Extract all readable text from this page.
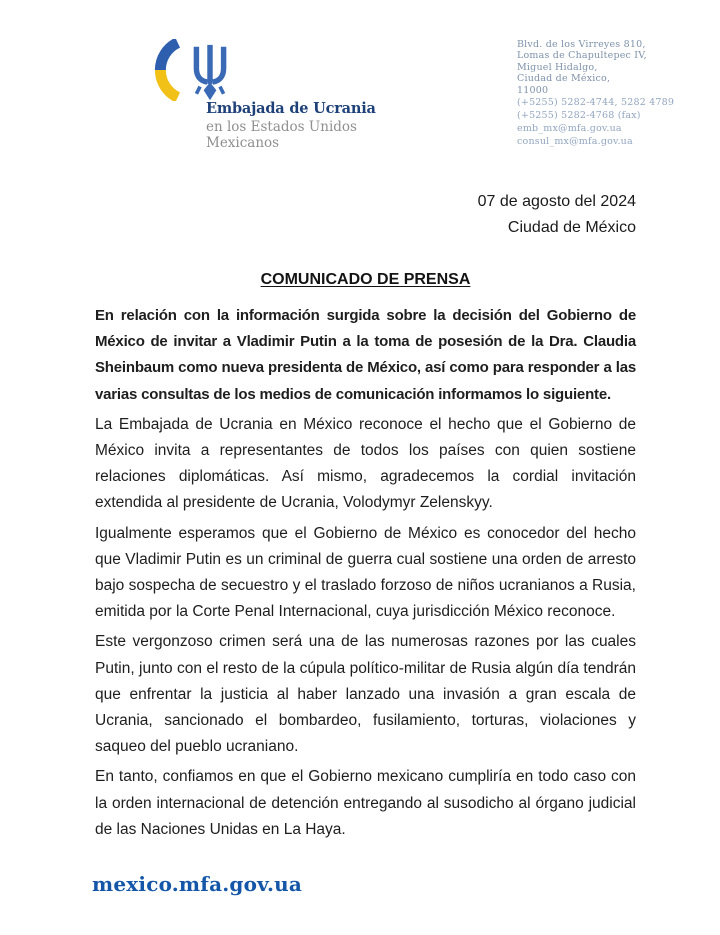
Embajada de Ucrania
en los Estados Unidos Mexicanos
Blvd. de los Virreyes 810,
Lomas de Chapultepec IV,
Miguel Hidalgo,
Ciudad de México,
11000
(+5255) 5282-4744, 5282 4789
(+5255) 5282-4768 (fax)
emb_mx@mfa.gov.ua
consul_mx@mfa.gov.ua
07 de agosto del 2024
Ciudad de México
COMUNICADO DE PRENSA

En relación con la información surgida sobre la decisión del Gobierno de México de invitar a Vladimir Putin a la toma de posesión de la Dra. Claudia Sheinbaum como nueva presidenta de México, así como para responder a las varias consultas de los medios de comunicación informamos lo siguiente.

La Embajada de Ucrania en México reconoce el hecho que el Gobierno de México invita a representantes de todos los países con quien sostiene relaciones diplomáticas. Así mismo, agradecemos la cordial invitación extendida al presidente de Ucrania, Volodymyr Zelenskyy.

Igualmente esperamos que el Gobierno de México es conocedor del hecho que Vladimir Putin es un criminal de guerra cual sostiene una orden de arresto bajo sospecha de secuestro y el traslado forzoso de niños ucranianos a Rusia, emitida por la Corte Penal Internacional, cuya jurisdicción México reconoce.

Este vergonzoso crimen será una de las numerosas razones por las cuales Putin, junto con el resto de la cúpula político-militar de Rusia algún día tendrán que enfrentar la justicia al haber lanzado una invasión a gran escala de Ucrania, sancionado el bombardeo, fusilamiento, torturas, violaciones y saqueo del pueblo ucraniano.

En tanto, confiamos en que el Gobierno mexicano cumpliría en todo caso con la orden internacional de detención entregando al susodicho al órgano judicial de las Naciones Unidas en La Haya.

mexico.mfa.gov.ua
